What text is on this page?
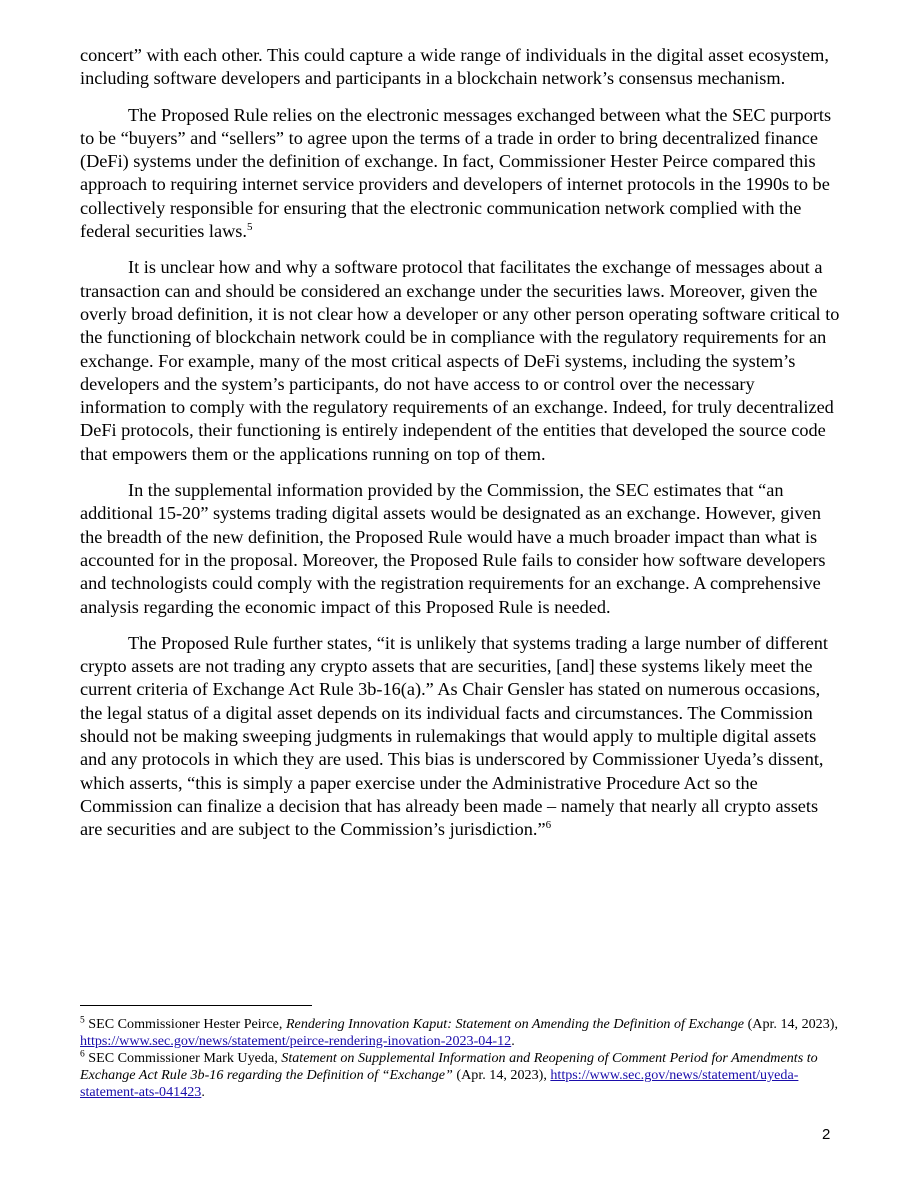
concert” with each other. This could capture a wide range of individuals in the digital asset ecosystem, including software developers and participants in a blockchain network’s consensus mechanism.

The Proposed Rule relies on the electronic messages exchanged between what the SEC purports to be “buyers” and “sellers” to agree upon the terms of a trade in order to bring decentralized finance (DeFi) systems under the definition of exchange. In fact, Commissioner Hester Peirce compared this approach to requiring internet service providers and developers of internet protocols in the 1990s to be collectively responsible for ensuring that the electronic communication network complied with the federal securities laws.$^5$

It is unclear how and why a software protocol that facilitates the exchange of messages about a transaction can and should be considered an exchange under the securities laws. Moreover, given the overly broad definition, it is not clear how a developer or any other person operating software critical to the functioning of blockchain network could be in compliance with the regulatory requirements for an exchange. For example, many of the most critical aspects of DeFi systems, including the system’s developers and the system’s participants, do not have access to or control over the necessary information to comply with the regulatory requirements of an exchange. Indeed, for truly decentralized DeFi protocols, their functioning is entirely independent of the entities that developed the source code that empowers them or the applications running on top of them.

In the supplemental information provided by the Commission, the SEC estimates that “an additional 15-20” systems trading digital assets would be designated as an exchange. However, given the breadth of the new definition, the Proposed Rule would have a much broader impact than what is accounted for in the proposal. Moreover, the Proposed Rule fails to consider how software developers and technologists could comply with the registration requirements for an exchange. A comprehensive analysis regarding the economic impact of this Proposed Rule is needed.

The Proposed Rule further states, “it is unlikely that systems trading a large number of different crypto assets are not trading any crypto assets that are securities, [and] these systems likely meet the current criteria of Exchange Act Rule 3b-16(a).” As Chair Gensler has stated on numerous occasions, the legal status of a digital asset depends on its individual facts and circumstances. The Commission should not be making sweeping judgments in rulemakings that would apply to multiple digital assets and any protocols in which they are used. This bias is underscored by Commissioner Uyeda’s dissent, which asserts, “this is simply a paper exercise under the Administrative Procedure Act so the Commission can finalize a decision that has already been made – namely that nearly all crypto assets are securities and are subject to the Commission’s jurisdiction.”$^6$

$^5$ SEC Commissioner Hester Peirce, Rendering Innovation Kaput: Statement on Amending the Definition of Exchange (Apr. 14, 2023), https://www.sec.gov/news/statement/peirce-rendering-inovation-2023-04-12.

$^6$ SEC Commissioner Mark Uyeda, Statement on Supplemental Information and Reopening of Comment Period for Amendments to Exchange Act Rule 3b-16 regarding the Definition of “Exchange” (Apr. 14, 2023), https://www.sec.gov/news/statement/uyeda-statement-ats-041423.

2
